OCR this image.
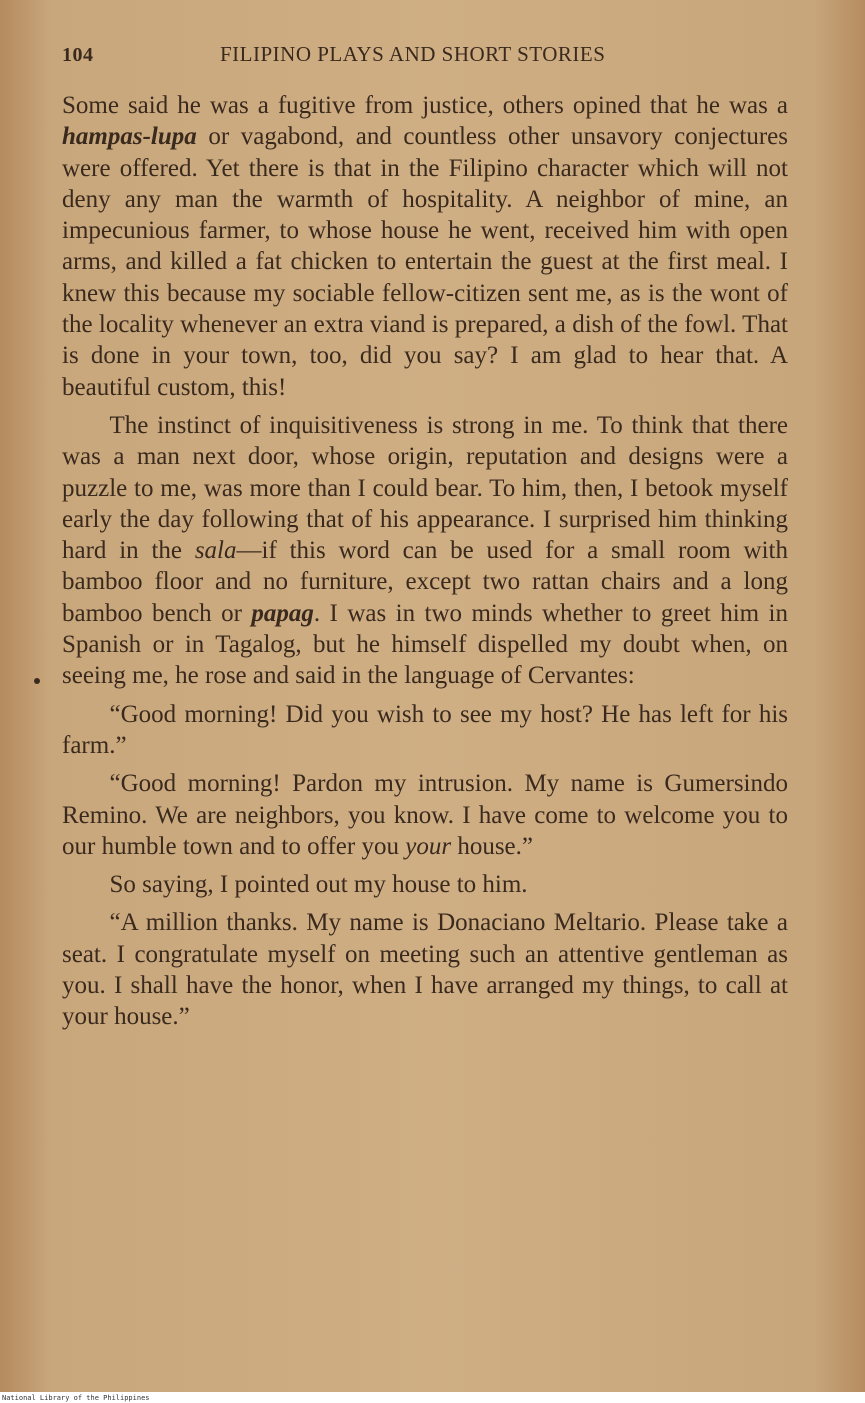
104	FILIPINO PLAYS AND SHORT STORIES

Some said he was a fugitive from justice, others opined that he was a hampas-lupa or vagabond, and countless other unsavory conjectures were offered. Yet there is that in the Filipino character which will not deny any man the warmth of hospitality. A neighbor of mine, an impecunious farmer, to whose house he went, received him with open arms, and killed a fat chicken to entertain the guest at the first meal. I knew this because my sociable fellow-citizen sent me, as is the wont of the locality whenever an extra viand is prepared, a dish of the fowl. That is done in your town, too, did you say? I am glad to hear that. A beautiful custom, this!

The instinct of inquisitiveness is strong in me. To think that there was a man next door, whose origin, reputation and designs were a puzzle to me, was more than I could bear. To him, then, I betook myself early the day following that of his appearance. I surprised him thinking hard in the sala—if this word can be used for a small room with bamboo floor and no furniture, except two rattan chairs and a long bamboo bench or papag. I was in two minds whether to greet him in Spanish or in Tagalog, but he himself dispelled my doubt when, on seeing me, he rose and said in the language of Cervantes:

“Good morning! Did you wish to see my host? He has left for his farm.”

“Good morning! Pardon my intrusion. My name is Gumersindo Remino. We are neighbors, you know. I have come to welcome you to our humble town and to offer you your house.”

So saying, I pointed out my house to him.

“A million thanks. My name is Donaciano Meltario. Please take a seat. I congratulate myself on meeting such an attentive gentleman as you. I shall have the honor, when I have arranged my things, to call at your house.”

National Library of the Philippines
